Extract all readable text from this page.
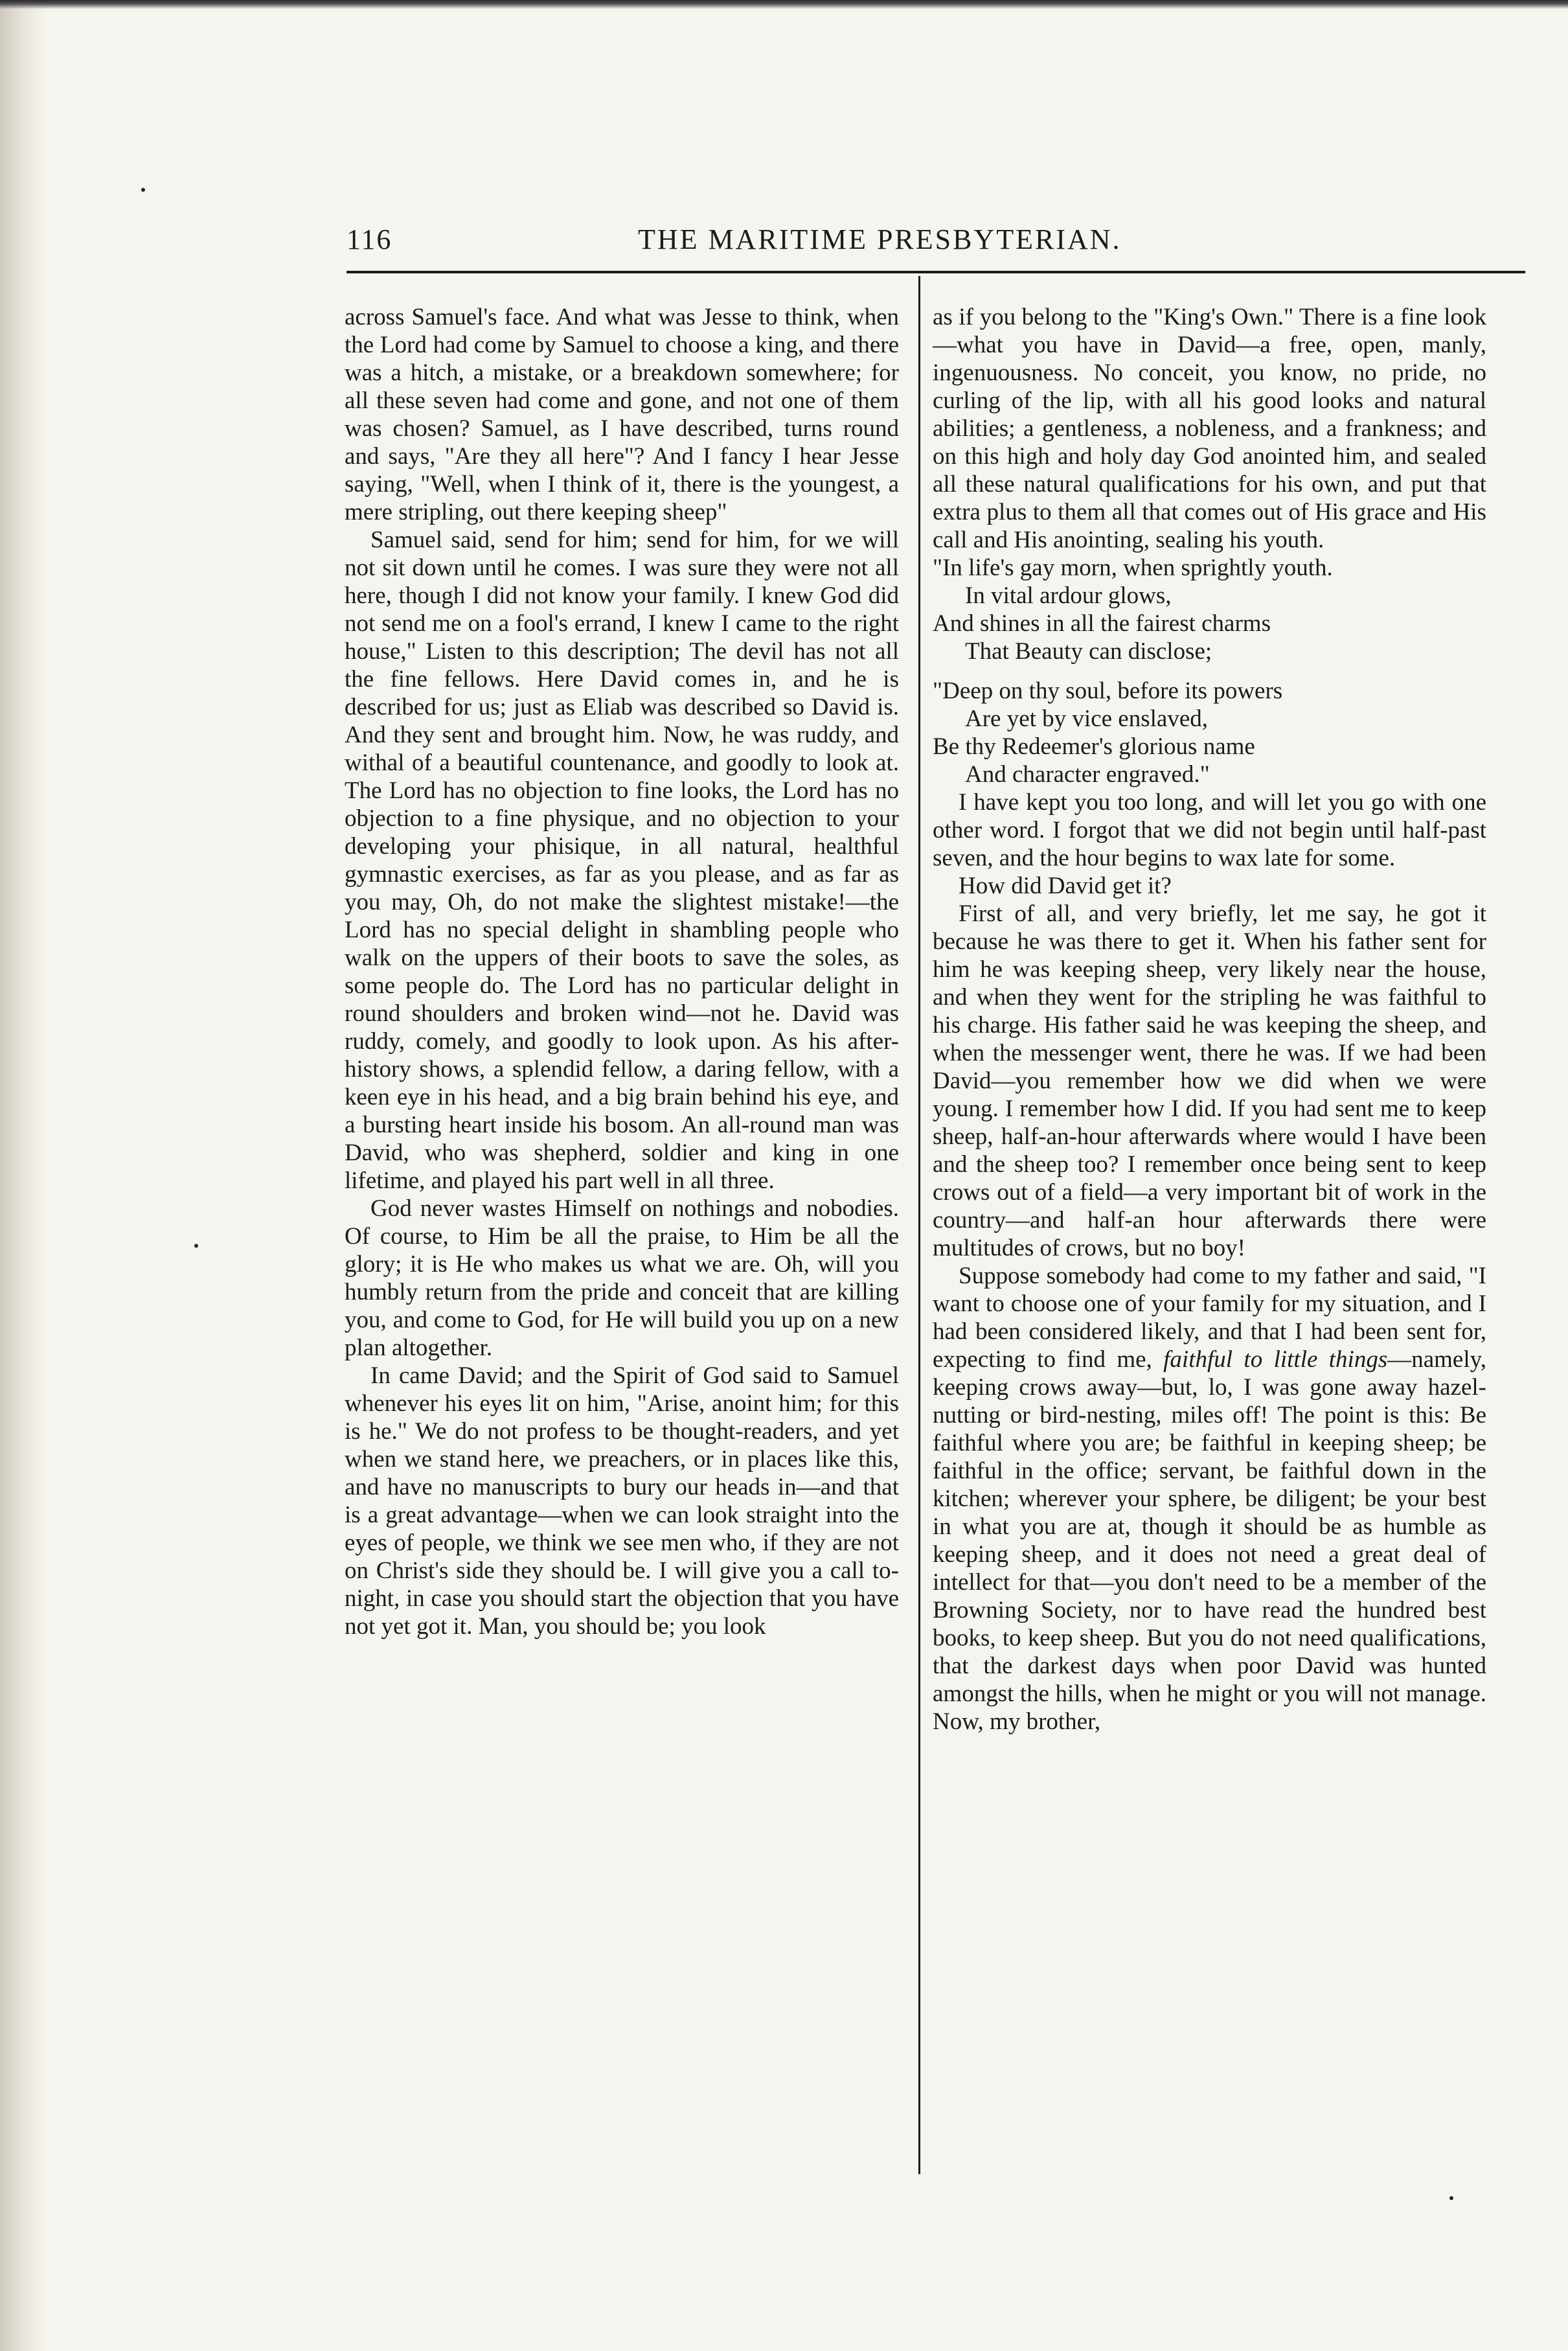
116	THE MARITIME PRESBYTERIAN.

across Samuel's face. And what was Jesse to think, when the Lord had come by Samuel to choose a king, and there was a hitch, a mistake, or a breakdown somewhere; for all these seven had come and gone, and not one of them was chosen? Samuel, as I have described, turns round and says, "Are they all here"? And I fancy I hear Jesse saying, "Well, when I think of it, there is the youngest, a mere stripling, out there keeping sheep"

Samuel said, send for him; send for him, for we will not sit down until he comes. I was sure they were not all here, though I did not know your family. I knew God did not send me on a fool's errand, I knew I came to the right house," Listen to this description; The devil has not all the fine fellows. Here David comes in, and he is described for us; just as Eliab was described so David is. And they sent and brought him. Now, he was ruddy, and withal of a beautiful countenance, and goodly to look at. The Lord has no objection to fine looks, the Lord has no objection to a fine physique, and no objection to your developing your phisique, in all natural, healthful gymnastic exercises, as far as you please, and as far as you may, Oh, do not make the slightest mistake!—the Lord has no special delight in shambling people who walk on the uppers of their boots to save the soles, as some people do. The Lord has no particular delight in round shoulders and broken wind—not he. David was ruddy, comely, and goodly to look upon. As his after-history shows, a splendid fellow, a daring fellow, with a keen eye in his head, and a big brain behind his eye, and a bursting heart inside his bosom. An all-round man was David, who was shepherd, soldier and king in one lifetime, and played his part well in all three.

God never wastes Himself on nothings and nobodies. Of course, to Him be all the praise, to Him be all the glory; it is He who makes us what we are. Oh, will you humbly return from the pride and conceit that are killing you, and come to God, for He will build you up on a new plan altogether.

In came David; and the Spirit of God said to Samuel whenever his eyes lit on him, "Arise, anoint him; for this is he." We do not profess to be thought-readers, and yet when we stand here, we preachers, or in places like this, and have no manuscripts to bury our heads in—and that is a great advantage—when we can look straight into the eyes of people, we think we see men who, if they are not on Christ's side they should be. I will give you a call to-night, in case you should start the objection that you have not yet got it. Man, you should be; you look

as if you belong to the "King's Own." There is a fine look—what you have in David—a free, open, manly, ingenuousness. No conceit, you know, no pride, no curling of the lip, with all his good looks and natural abilities; a gentleness, a nobleness, and a frankness; and on this high and holy day God anointed him, and sealed all these natural qualifications for his own, and put that extra plus to them all that comes out of His grace and His call and His anointing, sealing his youth.

"In life's gay morn, when sprightly youth.
In vital ardour glows,
And shines in all the fairest charms
That Beauty can disclose;
"Deep on thy soul, before its powers
Are yet by vice enslaved,
Be thy Redeemer's glorious name
And character engraved."

I have kept you too long, and will let you go with one other word. I forgot that we did not begin until half-past seven, and the hour begins to wax late for some.

How did David get it?

First of all, and very briefly, let me say, he got it because he was there to get it. When his father sent for him he was keeping sheep, very likely near the house, and when they went for the stripling he was faithful to his charge. His father said he was keeping the sheep, and when the messenger went, there he was. If we had been David—you remember how we did when we were young. I remember how I did. If you had sent me to keep sheep, half-an-hour afterwards where would I have been and the sheep too? I remember once being sent to keep crows out of a field—a very important bit of work in the country—and half-an hour afterwards there were multitudes of crows, but no boy!

Suppose somebody had come to my father and said, "I want to choose one of your family for my situation, and I had been considered likely, and that I had been sent for, expecting to find me, faithful to little things—namely, keeping crows away—but, lo, I was gone away hazel-nutting or bird-nesting, miles off! The point is this: Be faithful where you are; be faithful in keeping sheep; be faithful in the office; servant, be faithful down in the kitchen; wherever your sphere, be diligent; be your best in what you are at, though it should be as humble as keeping sheep, and it does not need a great deal of intellect for that—you don't need to be a member of the Browning Society, nor to have read the hundred best books, to keep sheep. But you do not need qualifications, that the darkest days when poor David was hunted amongst the hills, when he might or you will not manage. Now, my brother,
